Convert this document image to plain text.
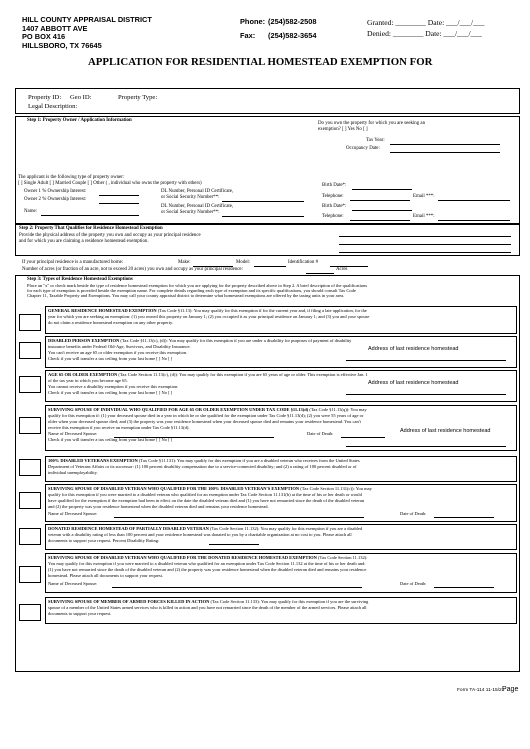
HILL COUNTY APPRAISAL DISTRICT
1407 ABBOTT AVE
PO BOX 416
HILLSBORO, TX 76645
Phone: (254)582-2508
Fax: (254)582-3654
Granted: ________ Date: ___/___/___
Denied: ________ Date: ___/___/___
APPLICATION FOR RESIDENTIAL HOMESTEAD EXEMPTION FOR
Property ID: Geo ID:	Property Type:
Legal Description:
Step 1: Property Owner / Application Information
Do you own the property for which you are seeking an
exemption? [ ] Yes No [ ]
Tax Year:
Occupancy Date:
The applicant is the following type of property owner:
[ ] Single Adult [ ] Married Couple [ ] Other ( , individual who owns the property with others)
Owner 1 % Ownership Interest:
Owner 2 % Ownership Interest:
Name:
DL Number, Personal ID Certificate,
or Social Security Number**:
DL Number, Personal ID Certificate,
or Social Security Number**:
Birth Date*:
Telephone:	Email ***:
Birth Date*:
Telephone:	Email ***:
Step 2: Property That Qualifies for Residence Homestead Exemption
Provide the physical address of the property you own and occupy as your principal residence
and for which you are claiming a residence homestead exemption.
If your principal residence is a manufactured home:	Make:	Model:	Identification #
Number of acres (or fraction of an acre, not to exceed 20 acres) you own and occupy as your principal residence:	Acres
Step 3: Types of Residence Homestead Exemptions
Place an "x" or check mark beside the type of residence homestead exemption for which you are applying for the property described above in Step 2. A brief description of the qualifications
for each type of exemption is provided beside the exemption name. For complete details regarding each type of exemption and its specific qualifications, you should consult Tax Code
Chapter 11, Taxable Property and Exemptions. You may call your county appraisal district to determine what homestead exemptions are offered by the taxing units in your area.
GENERAL RESIDENCE HOMESTEAD EXEMPTION (Tax Code §11.13): You may qualify for this exemption if for the current year and, if filing a late application, for the
year for which you are seeking an exemption: (1) you owned this property on January 1; (2) you occupied it as your principal residence on January 1; and (3) you and your spouse
do not claim a residence homestead exemption on any other property.
DISABLED PERSON EXEMPTION (Tax Code §11.13(c), (d)): You may qualify for this exemption if you are under a disability for purposes of payment of disability
insurance benefits under Federal Old-Age, Survivors, and Disability Insurance.
You can't receive an age 65 or older exemption if you receive this exemption.
Check if you will transfer a tax ceiling from your last home [ ] No [ ]
Address of last residence homestead
AGE 65 OR OLDER EXEMPTION (Tax Code Section 11.13(c), (d)): You may qualify for this exemption if you are 65 years of age or older. This exemption is effective Jan. 1
of the tax year in which you become age 65.
You cannot receive a disability exemption if you receive this exemption.
Check if you will transfer a tax ceiling from your last home [ ] No [ ]
Address of last residence homestead
SURVIVING SPOUSE OF INDIVIDUAL WHO QUALIFIED FOR AGE 65 OR OLDER EXEMPTION UNDER TAX CODE §11.13(d) (Tax Code §11.13(q)): You may
qualify for this exemption if: (1) your deceased spouse died in a year in which he or she qualified for the exemption under Tax Code §11.13(d); (2) you were 55 years of age or
older when your deceased spouse died; and (3) the property was your residence homestead when your deceased spouse died and remains your residence homestead. You can't
receive this exemption if you receive an exemption under Tax Code §11.13(d).
Name of Deceased Spouse:	Date of Death:	Address of last residence homestead
Check if you will transfer a tax ceiling from your last home [ ] No [ ]
100% DISABLED VETERANS EXEMPTION (Tax Code §11.131): You may qualify for this exemption if you are a disabled veteran who receives from the United States
Department of Veterans Affairs or its successor: (1) 100 percent disability compensation due to a service-connected disability; and (2) a rating of 100 percent disabled or of
individual unemployability.
SURVIVING SPOUSE OF DISABLED VETERAN WHO QUALIFIED FOR THE 100% DISABLED VETERAN'S EXEMPTION (Tax Code Section 11.131(c)): You may
qualify for this exemption if you were married to a disabled veteran who qualified for an exemption under Tax Code Section 11.131(b) at the time of his or her death or would
have qualified for the exemption if the exemption had been in effect on the date the disabled veteran died and (1) you have not remarried since the death of the disabled veteran
and (2) the property was your residence homestead when the disabled veteran died and remains your residence homestead.
Name of Deceased Spouse:	Date of Death:
DONATED RESIDENCE HOMESTEAD OF PARTIALLY DISABLED VETERAN (Tax Code Section 11.132): You may qualify for this exemption if you are a disabled
veteran with a disability rating of less than 100 percent and your residence homestead was donated to you by a charitable organization at no cost to you. Please attach all
documents to support your request. Percent Disability Rating:
SURVIVING SPOUSE OF DISABLED VETERAN WHO QUALIFIED FOR THE DONATED RESIDENCE HOMESTEAD EXEMPTION (Tax Code Section 11.132):
You may qualify for this exemption if you were married to a disabled veteran who qualified for an exemption under Tax Code Section 11.132 at the time of his or her death and:
(1) you have not remarried since the death of the disabled veteran and (2) the property was your residence homestead when the disabled veteran died and remains your residence
homestead. Please attach all documents to support your request.
Name of Deceased Spouse:	Date of Death:
SURVIVING SPOUSE OF MEMBER OF ARMED FORCES KILLED IN ACTION (Tax Code Section 11.133): You may qualify for this exemption if you are the surviving
spouse of a member of the United States armed services who is killed in action and you have not remarried since the death of the member of the armed services. Please attach all
documents to support your request.
Form TA-114 11-15/21
Page
